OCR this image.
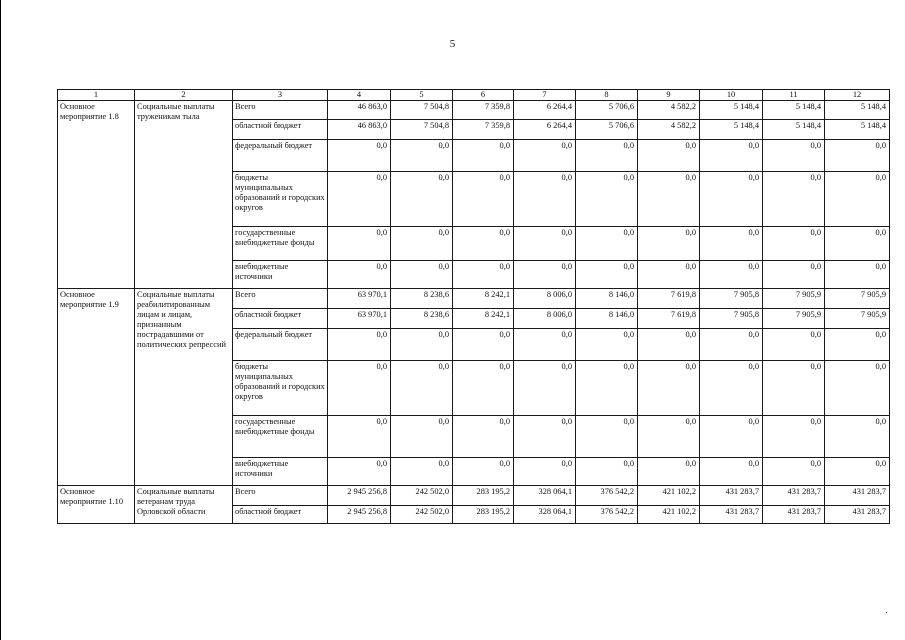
5
1	2	3	4	5	6	7	8	9	10	11	12
Основное мероприятие 1.8	Социальные выплаты труженикам тыла	Всего	46 863,0	7 504,8	7 359,8	6 264,4	5 706,6	4 582,2	5 148,4	5 148,4	5 148,4
		областной бюджет	46 863,0	7 504,8	7 359,8	6 264,4	5 706,6	4 582,2	5 148,4	5 148,4	5 148,4
		федеральный бюджет	0,0	0,0	0,0	0,0	0,0	0,0	0,0	0,0	0,0
		бюджеты муниципальных образований и городских округов	0,0	0,0	0,0	0,0	0,0	0,0	0,0	0,0	0,0
		государственные внебюджетные фонды	0,0	0,0	0,0	0,0	0,0	0,0	0,0	0,0	0,0
		внебюджетные источники	0,0	0,0	0,0	0,0	0,0	0,0	0,0	0,0	0,0
Основное мероприятие 1.9	Социальные выплаты реабилитированным лицам и лицам, признанным пострадавшими от политических репрессий	Всего	63 970,1	8 238,6	8 242,1	8 006,0	8 146,0	7 619,8	7 905,8	7 905,9	7 905,9
		областной бюджет	63 970,1	8 238,6	8 242,1	8 006,0	8 146,0	7 619,8	7 905,8	7 905,9	7 905,9
		федеральный бюджет	0,0	0,0	0,0	0,0	0,0	0,0	0,0	0,0	0,0
		бюджеты муниципальных образований и городских округов	0,0	0,0	0,0	0,0	0,0	0,0	0,0	0,0	0,0
		государственные внебюджетные фонды	0,0	0,0	0,0	0,0	0,0	0,0	0,0	0,0	0,0
		внебюджетные источники	0,0	0,0	0,0	0,0	0,0	0,0	0,0	0,0	0,0
Основное мероприятие 1.10	Социальные выплаты ветеранам труда Орловской области	Всего	2 945 256,8	242 502,0	283 195,2	328 064,1	376 542,2	421 102,2	431 283,7	431 283,7	431 283,7
		областной бюджет	2 945 256,8	242 502,0	283 195,2	328 064,1	376 542,2	421 102,2	431 283,7	431 283,7	431 283,7
